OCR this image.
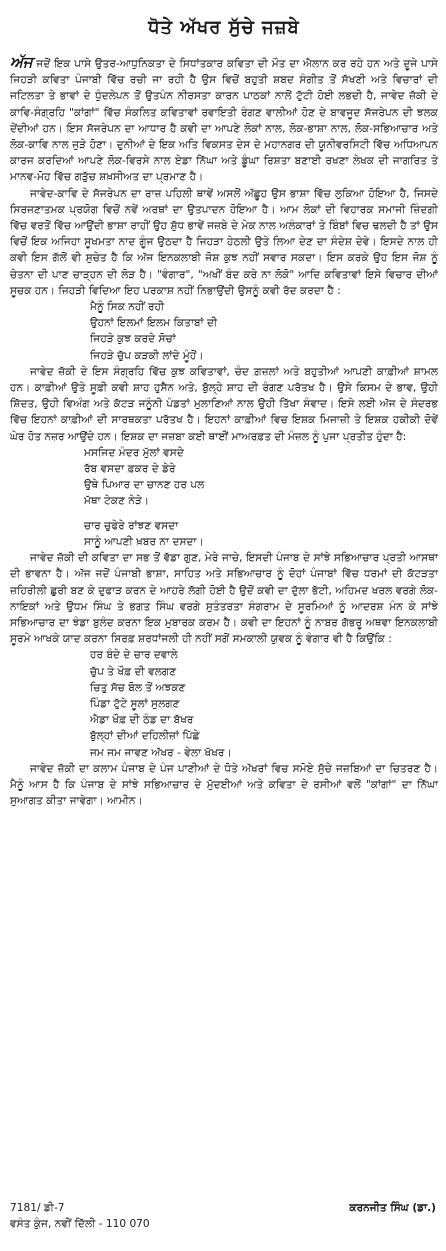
ਧੋਤੇ ਅੱਖਰ ਸੁੱਚੇ ਜਜ਼ਬੇ

ਅੱਜ ਜਦੋਂ ਇਕ ਪਾਸੇ ਉਤਰ-ਆਧੁਨਿਕਤਾ ਦੇ ਸਿਧਾਂਤਕਾਰ ਕਵਿਤਾ ਦੀ ਮੌਤ ਦਾ ਐਲਾਨ ਕਰ ਰਹੇ ਹਨ ਅਤੇ ਦੂਜੇ ਪਾਸੇ ਜਿਹੜੀ ਕਵਿਤਾ ਪੰਜਾਬੀ ਵਿੱਚ ਰਚੀ ਜਾ ਰਹੀ ਹੈ ਉਸ ਵਿਚੋਂ ਬਹੁਤੀ ਸ਼ਬਦ ਸੰਗੀਤ ਤੋਂ ਸੱਖਣੀ ਅਤੇ ਵਿਚਾਰਾਂ ਦੀ ਜਟਿਲਤਾ ਤੇ ਭਾਵਾਂ ਦੇ ਧੁੰਦਲੇਪਨ ਤੋਂ ਉਤਪੰਨ ਨੀਰਸਤਾ ਕਾਰਨ ਪਾਠਕਾਂ ਨਾਲੋਂ ਟੁੱਟੀ ਹੋਈ ਲਭਦੀ ਹੈ, ਜਾਵੇਦ ਜ਼ੱਕੀ ਦੇ ਕਾਵਿ-ਸੰਗ੍ਰਹਿ "ਕਾਂਗਾਂ" ਵਿੱਚ ਸੰਕਲਿਤ ਕਵਿਤਾਵਾਂ ਰਵਾਇਤੀ ਰੰਗਣ ਵਾਲੀਆਂ ਹੋਣ ਦੇ ਬਾਵਜੂਦ ਸੱਜਰੇਪਨ ਦੀ ਝਲਕ ਦੇਂਦੀਆਂ ਹਨ। ਇਸ ਸੱਜਰੇਪਨ ਦਾ ਆਧਾਰ ਹੈ ਕਵੀ ਦਾ ਆਪਣੇ ਲੋਕਾਂ ਨਾਲ, ਲੋਕ-ਭਾਸ਼ਾ ਨਾਲ, ਲੋਕ-ਸਭਿਆਚਾਰ ਅਤੇ ਲੋਕ-ਕਾਵਿ ਨਾਲ ਜੁੜੇ ਹੋਣਾ। ਦੁਨੀਆਂ ਦੇ ਇਕ ਅਤਿ ਵਿਕਸਤ ਦੇਸ ਦੇ ਮਹਾਨਗਰ ਦੀ ਯੂਨੀਵਰਸਿਟੀ ਵਿੱਚ ਅਧਿਆਪਨ ਕਾਰਜ ਕਰਦਿਆਂ ਆਪਣੇ ਲੋਕ-ਵਿਰਸੇ ਨਾਲ ਏਡਾ ਨਿੱਘਾ ਅਤੇ ਡੂੰਘਾ ਰਿਸ਼ਤਾ ਬਣਾਈ ਰਖਣਾ ਲੇਖਕ ਦੀ ਜਾਗਰਿਤ ਤੇ ਮਾਨਵ-ਮੋਹ ਵਿੱਚ ਗੜੁੱਚ ਸ਼ਖ਼ਸੀਅਤ ਦਾ ਪ੍ਰਮਾਣ ਹੈ।

ਜਾਵੇਦ-ਕਾਵਿ ਦੇ ਸੱਜਰੇਪਨ ਦਾ ਰਾਜ਼ ਪਹਿਲੀ ਥਾਵੇਂ ਅਸਲੋਂ ਅੱਛੂਹ ਉਸ ਭਾਸ਼ਾ ਵਿੱਚ ਲੁਕਿਆ ਹੋਇਆ ਹੈ, ਜਿਸਦੇ ਸਿਰਜਣਾਤਮਕ ਪ੍ਰਯੋਗ ਵਿਚੋਂ ਨਵੇਂ ਅਰਥਾਂ ਦਾ ਉਤਪਾਦਨ ਹੋਇਆ ਹੈ। ਆਮ ਲੋਕਾਂ ਦੀ ਵਿਹਾਰਕ ਸਮਾਜੀ ਜ਼ਿੰਦਗੀ ਵਿੱਚ ਵਰਤੋਂ ਵਿੱਚ ਆਉਂਦੀ ਭਾਸ਼ਾ ਰਾਹੀਂ ਉਹ ਸ਼ੁੱਧ ਭਾਵੇਂ ਜਜ਼ਬੇ ਦੇ ਮੇਕ ਨਾਲ ਅਲੰਕਾਰਾਂ ਤੇ ਬਿੰਬਾਂ ਵਿਚ ਢਲਦੀ ਹੈ ਤਾਂ ਉਸ ਵਿਚੋਂ ਇਕ ਅਜਿਹਾ ਸੂਖਮਤਾ ਨਾਦ ਗੂੰਜ ਉਠਦਾ ਹੈ ਜਿਹੜਾ ਹੇਠਲੀ ਉਤੇ ਲਿਆ ਦੇਣ ਦਾ ਸੰਦੇਸ਼ ਦੇਵੇ। ਇਸਦੇ ਨਾਲ ਹੀ ਕਵੀ ਇਸ ਗੱਲੋਂ ਵੀ ਸੁਚੇਤ ਹੈ ਕਿ ਅੱਜ ਇਨਕਲਾਬੀ ਜੋਸ਼ ਕੁਝ ਨਹੀਂ ਸਵਾਰ ਸਕਦਾ। ਇਸ ਕਰਕੇ ਉਹ ਇਸ ਜੋਸ਼ ਨੂੰ ਚੇਤਨਾ ਦੀ ਪਾਣ ਚਾੜ੍ਹਨ ਦੀ ਲੋੜ ਹੈ। "ਵੰਗਾਰ", "ਅਖੀਂ ਬੰਦ ਕਰੇ ਨਾ ਲੋਕੋ" ਆਦਿ ਕਵਿਤਾਵਾਂ ਇਸੇ ਵਿਚਾਰ ਦੀਆਂ ਸੂਚਕ ਹਨ। ਜਿਹੜੀ ਵਿਦਿਆ ਇਹ ਪਰਕਾਸ਼ ਨਹੀਂ ਨਿਭਾਉਂਦੀ ਉਸਨੂੰ ਕਵੀ ਰੱਦ ਕਰਦਾ ਹੈ :

ਮੈਨੂੰ ਸਿਕ ਨਹੀਂ ਰਹੀ
ਉਹਨਾਂ ਇਲਮਾਂ ਇਲਮ ਕਿਤਾਬਾਂ ਦੀ
ਜਿਹੜੇ ਕੁਝ ਕਰਦੇ ਸੋਚਾਂ
ਜਿਹੜੇ ਚੁੱਪ ਕੜਕੀ ਲਾਂਦੇ ਮੂੰਹੋਂ।

ਜਾਵੇਦ ਜ਼ੱਕੀ ਦੇ ਇਸ ਸੰਗ੍ਰਹਿ ਵਿੱਚ ਕੁਝ ਕਵਿਤਾਵਾਂ, ਚੰਦ ਗ਼ਜ਼ਲਾਂ ਅਤੇ ਬਹੁਤੀਆਂ ਆਪਣੀ ਕਾਫ਼ੀਆਂ ਸ਼ਾਮਲ ਹਨ। ਕਾਫ਼ੀਆਂ ਉਤੇ ਸੂਫ਼ੀ ਕਵੀ ਸ਼ਾਹ ਹੁਸੈਨ ਅਤੇ, ਬੁੱਲ੍ਹੇ ਸ਼ਾਹ ਦੀ ਰੰਗਣ ਪਰੱਤਖ ਹੈ। ਉਸੇ ਕਿਸਮ ਦੇ ਭਾਵ, ਉਹੀ ਸ਼ਿੱਦਤ, ਉਹੀ ਵਿਅੰਗ ਅਤੇ ਕੱਟੜ ਜਨੂੰਨੀ ਪੰਡਤਾਂ ਮੁਲਾਣਿਆਂ ਨਾਲ ਉਹੀ ਤਿੱਖਾ ਸੰਵਾਦ। ਇਸੇ ਲਈ ਅੱਜ ਦੇ ਸੰਦਰਭ ਵਿੱਚ ਇਹਨਾਂ ਕਾਫ਼ੀਆਂ ਦੀ ਸਾਰਥਕਤਾ ਪਰੱਤਖ ਹੈ। ਇਹਨਾਂ ਕਾਫ਼ੀਆਂ ਵਿਚ ਇਸ਼ਕ ਮਿਜਾਜ਼ੀ ਤੇ ਇਸ਼ਕ ਹਕੀਕੀ ਦੋਵੇਂ ਘੇਰ ਹੋਤ ਨਜ਼ਰ ਆਉਂਦੇ ਹਨ। ਇਸ਼ਕ ਦਾ ਜਜ਼ਬਾ ਕਈ ਥਾਈਂ ਮਾਅਰਫ਼ਤ ਦੀ ਮੰਜ਼ਲ ਨੂੰ ਪੁਜਾ ਪ੍ਰਤੀਤ ਹੁੰਦਾ ਹੈ:

ਮਸਜਿਦ ਮੰਦਰ ਮੁੱਲਾਂ ਵਸਦੇ
ਰੱਬ ਵਸਦਾ ਫ਼ਕਰ ਦੇ ਡੇਰੇ
ਉਥੇ ਪਿਆਰ ਦਾ ਚਾਨਣ ਹਰ ਪਲ
ਮੱਥਾ ਟੇਕਣ ਨੇੜੇ।
ਚਾਰ ਚੁਫੇਰੇ ਰਾਂਝਣ ਵਸਦਾ
ਸਾਨੂੰ ਆਪਣੀ ਖ਼ਬਰ ਨਾ ਦਸਦਾ।

ਜਾਵੇਦ ਜ਼ੱਕੀ ਦੀ ਕਵਿਤਾ ਦਾ ਸਭ ਤੋਂ ਵੱਡਾ ਗੁਣ, ਮੇਰੇ ਜਾਚੇ, ਇਸਦੀ ਪੰਜਾਬ ਦੇ ਸਾਂਝੇ ਸਭਿਆਚਾਰ ਪ੍ਰਤੀ ਆਸਥਾ ਦੀ ਭਾਵਨਾ ਹੈ। ਅੱਜ ਜਦੋਂ ਪੰਜਾਬੀ ਭਾਸ਼ਾ, ਸਾਹਿਤ ਅਤੇ ਸਭਿਆਚਾਰ ਨੂੰ ਦੋਹਾਂ ਪੰਜਾਬਾਂ ਵਿੱਚ ਧਰਮਾਂ ਦੀ ਕੱਟੜਤਾ ਜ਼ਹਿਰੀਲੀ ਛੁਰੀ ਬਣ ਕੇ ਦੁਫਾੜ ਕਰਨ ਦੇ ਆਹਰੇ ਲੱਗੀ ਹੋਈ ਹੈ ਉਦੋਂ ਕਵੀ ਦਾ ਦੁੱਲਾ ਭੱਟੀ, ਅਹਿਮਦ ਖਰਲ ਵਰਗੇ ਲੋਕ-ਨਾਇਕਾਂ ਅਤੇ ਉਧਮ ਸਿੰਘ ਤੇ ਭਗਤ ਸਿੰਘ ਵਰਗੇ ਸੁਤੰਤਰਤਾ ਸੰਗਰਾਮ ਦੇ ਸੂਰਮਿਆਂ ਨੂੰ ਆਦਰਸ਼ ਮੰਨ ਕੇ ਸਾਂਝੇ ਸਭਿਆਚਾਰ ਦਾ ਝੰਡਾ ਬੁਲੰਦ ਕਰਨਾ ਇਕ ਮੁਬਾਰਕ ਕਰਮ ਹੈ। ਕਵੀ ਦਾ ਇਹਨਾਂ ਨੂੰ ਨਾਬਰ ਗੱਭਰੂ ਅਥਵਾ ਇਨਕਲਾਬੀ ਸੂਰਮੇ ਆਖਕੇ ਯਾਦ ਕਰਨਾ ਸਿਰਫ਼ ਸ਼ਰਧਾਂਜਲੀ ਹੀ ਨਹੀਂ ਸਗੋਂ ਸਮਕਾਲੀ ਯੁਵਕ ਨੂੰ ਵੰਗਾਰ ਵੀ ਹੈ ਕਿਉਂਕਿ :

ਹਰ ਬੰਦੇ ਦੇ ਚਾਰ ਦਵਾਲੇ
ਚੁੱਪ ਤੇ ਖੌਫ਼ ਦੀ ਵਲਗਣ
ਚਿਤੁ ਸੱਚ ਬੋਲ ਤੋਂ ਅਝਕਣ
ਪਿੰਡਾ ਟੁੱਟੇ ਸੂਲਾਂ ਸੁਲਗਣ
ਐਡਾ ਖੌਫ਼ ਦੀ ਠੰਡ ਦਾ ਬੱਖਰ
ਬੁੱਲ੍ਹਾਂ ਦੀਆਂ ਦਹਿਲੀਜ਼ਾਂ ਪਿੱਛੇ
ਜਮ ਜਮ ਜਾਵਣ ਅੱਖਰ - ਵੇਲਾ ਖੱਖਰ।

ਜਾਵੇਦ ਜ਼ੱਕੀ ਦਾ ਕਲਾਮ ਪੰਜਾਬ ਦੇ ਪੰਜ ਪਾਣੀਆਂ ਦੇ ਧੋਤੇ ਅੱਖਰਾਂ ਵਿਚ ਸਮੋਏ ਸੁੱਚੇ ਜਜ਼ਬਿਆਂ ਦਾ ਚਿਤਰਣ ਹੈ। ਮੈਨੂੰ ਆਸ ਹੈ ਕਿ ਪੰਜਾਬ ਦੇ ਸਾਂਝੇ ਸਭਿਆਚਾਰ ਦੇ ਮੁੱਦਈਆਂ ਅਤੇ ਕਵਿਤਾ ਦੇ ਰਸੀਆਂ ਵਲੋਂ "ਕਾਂਗਾਂ" ਦਾ ਨਿੱਘਾ ਸੁਆਗਤ ਕੀਤਾ ਜਾਵੇਗਾ। ਆਮੀਨ।

7181/ ਡੀ-7	ਕਰਨਜੀਤ ਸਿੰਘ (ਡਾ.)
ਵਸੰਤ ਕੁੰਜ, ਨਵੀਂ ਦਿੱਲੀ - 110 070
